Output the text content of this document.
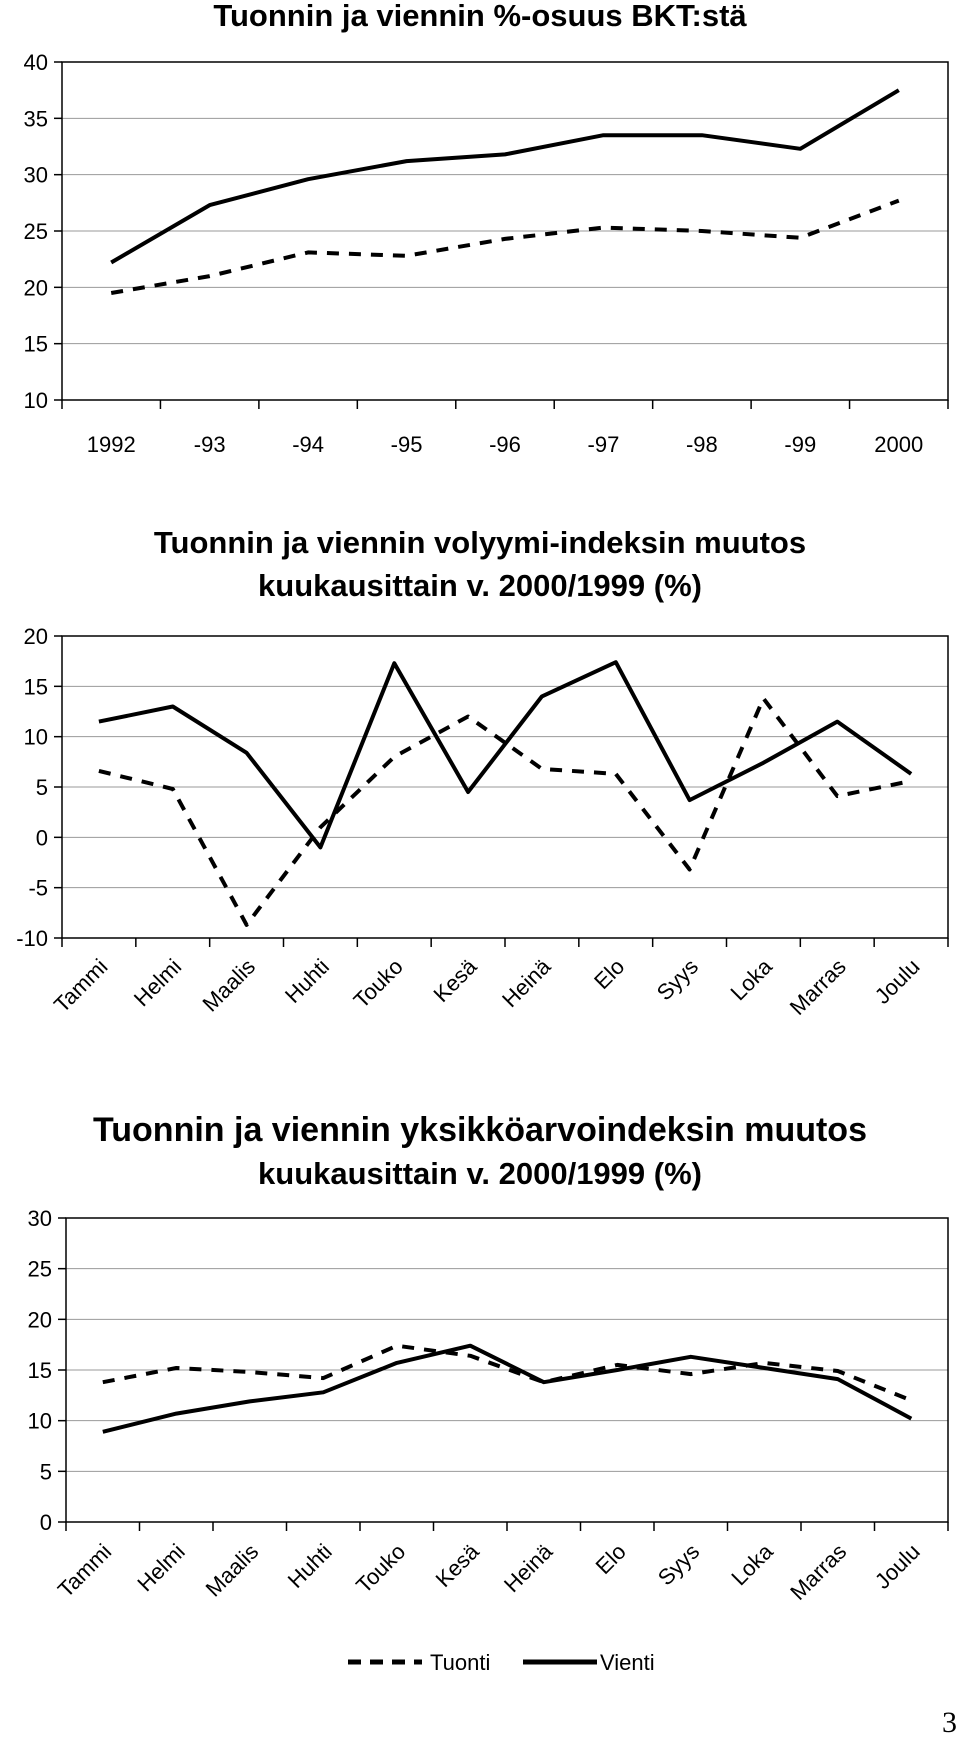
Tuonnin ja viennin %-osuus BKT:stä
10
15
20
25
30
35
40
1992	-93	-94	-95	-96	-97	-98	-99	2000
Tuonnin ja viennin volyymi-indeksin muutos
kuukausittain v. 2000/1999 (%)
-10
-5
0
5
10
15
20
Tammi Helmi Maalis Huhti Touko Kesä Heinä Elo Syys Loka Marras Joulu
Tuonnin ja viennin yksikköarvoindeksin muutos
kuukausittain v. 2000/1999 (%)
0
5
10
15
20
25
30
Tammi Helmi Maalis Huhti Touko Kesä Heinä Elo Syys Loka Marras Joulu
Tuonti	Vienti
3
